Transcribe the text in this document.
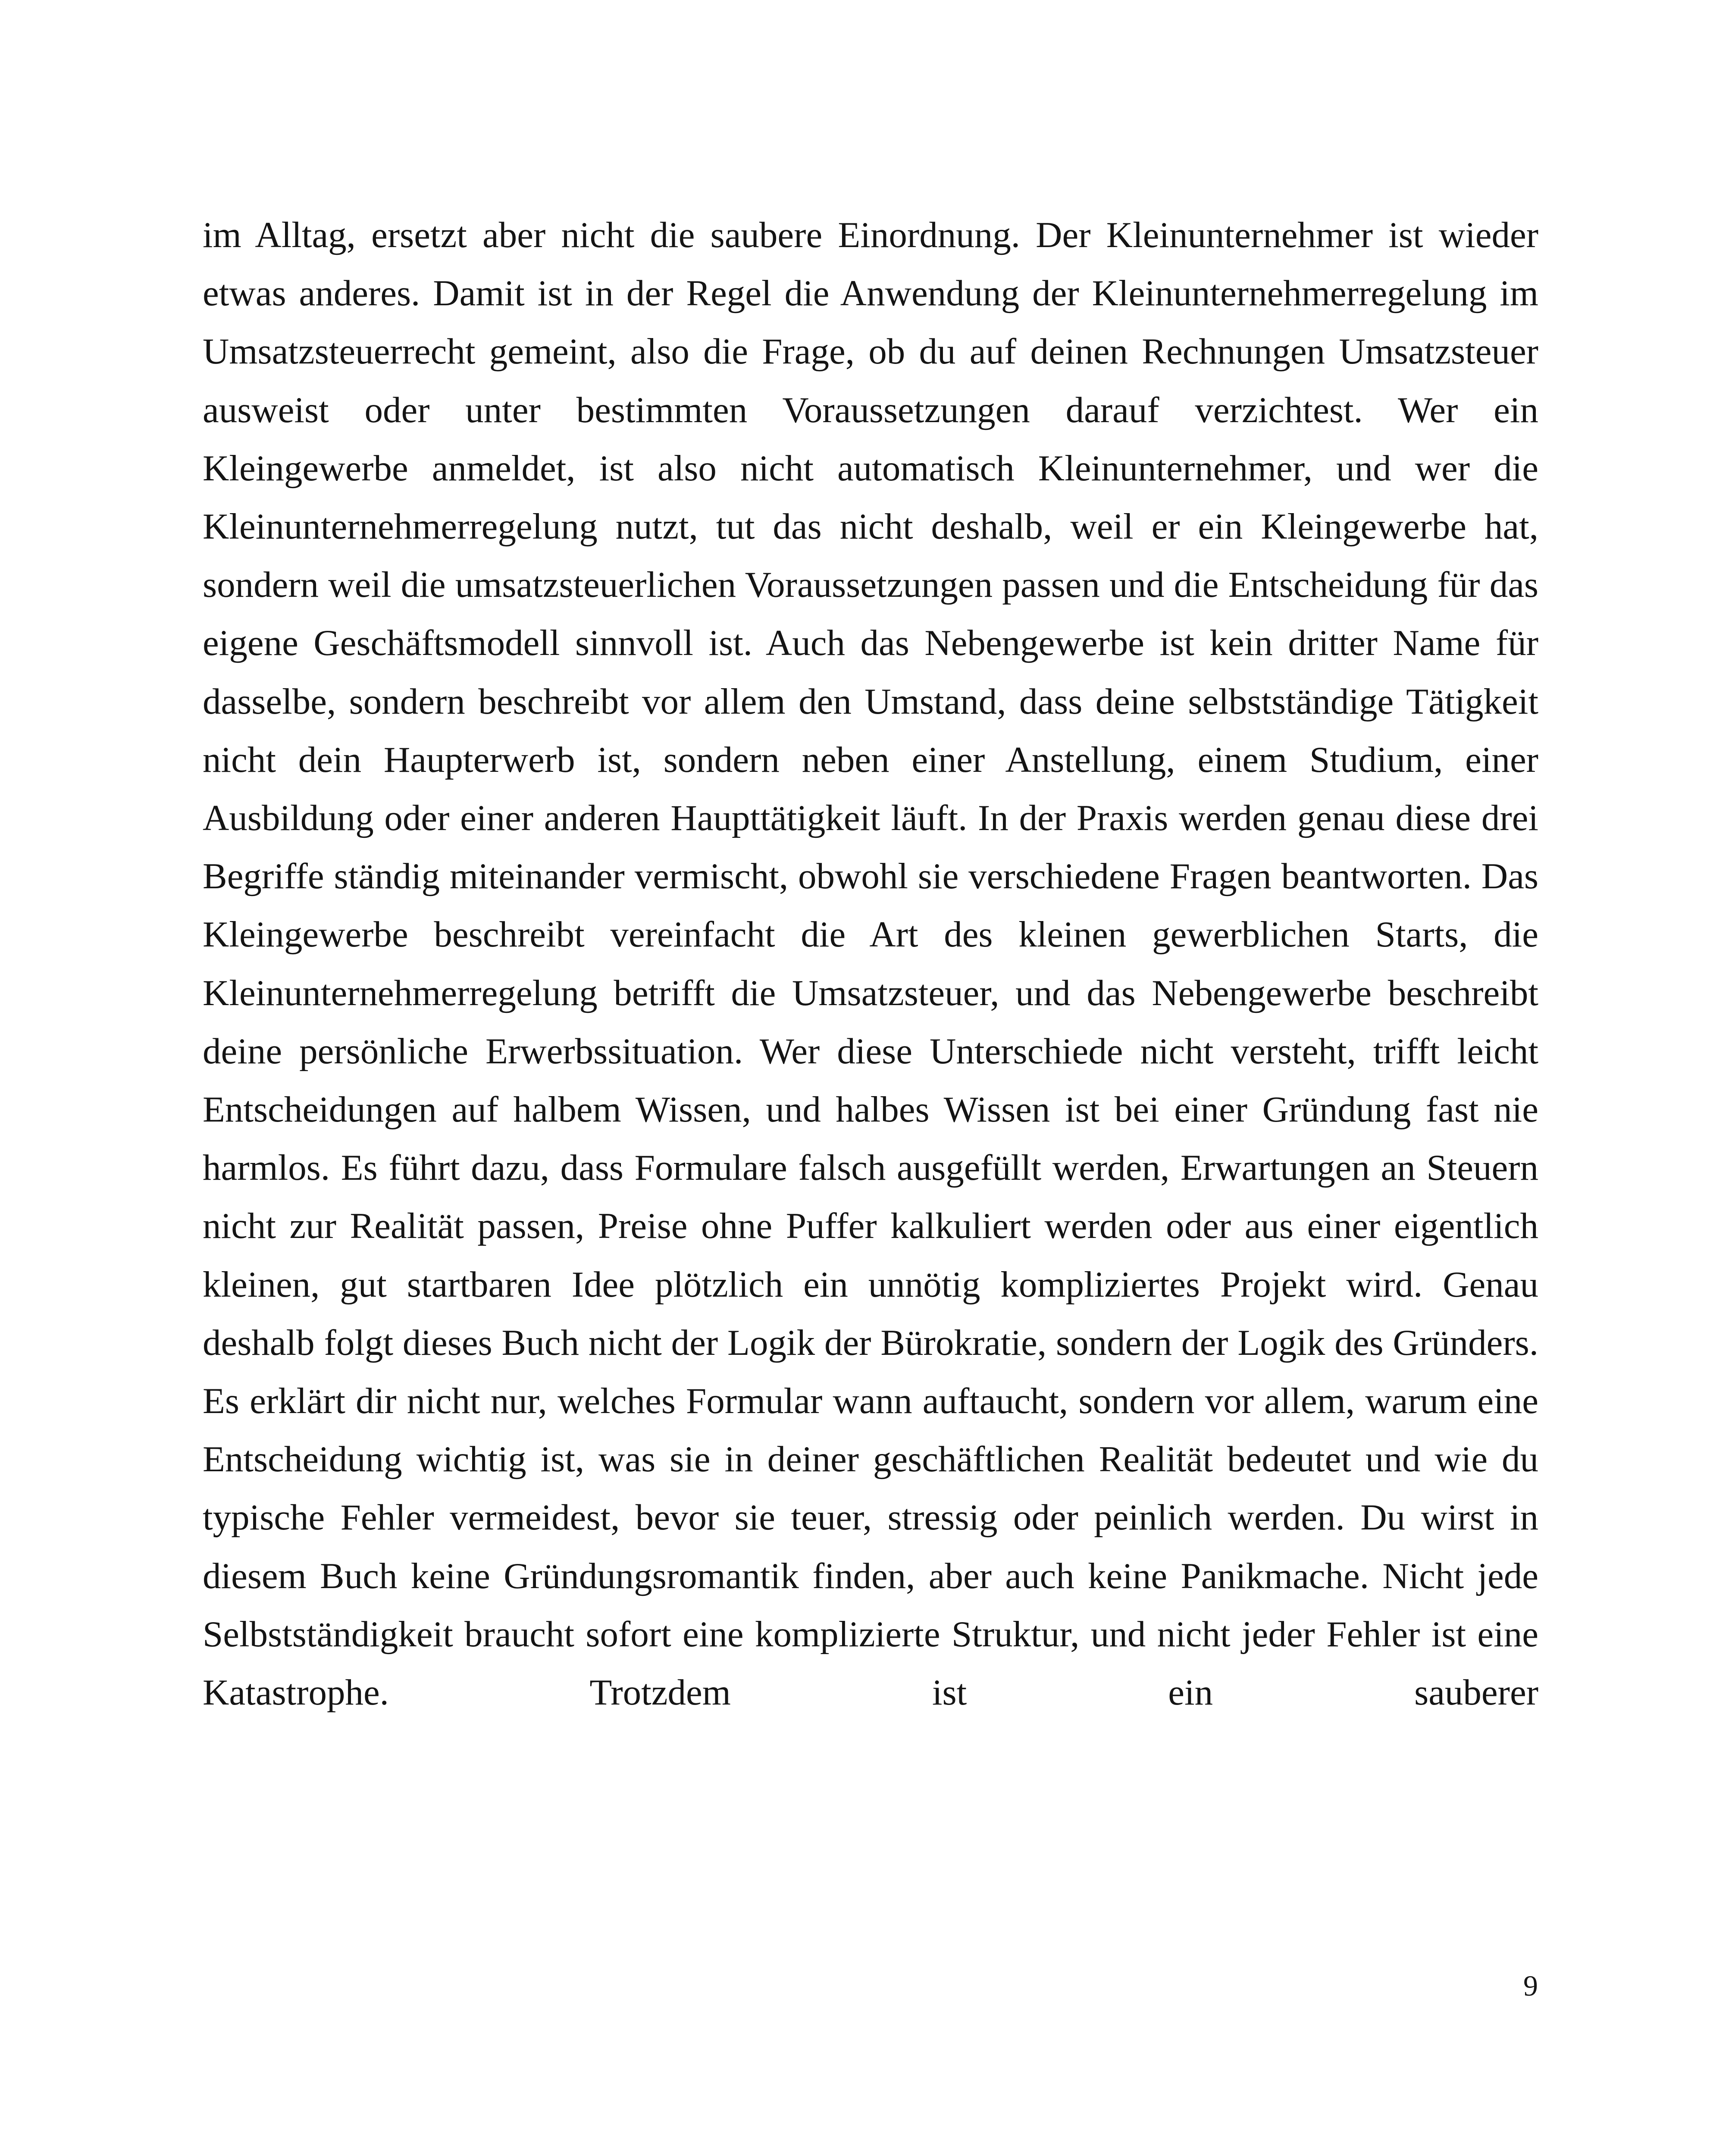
im Alltag, ersetzt aber nicht die saubere Einordnung. Der Kleinunternehmer ist wieder etwas anderes. Damit ist in der Regel die Anwendung der Kleinunternehmerregelung im Umsatzsteuerrecht gemeint, also die Frage, ob du auf deinen Rechnungen Umsatzsteuer ausweist oder unter bestimmten Voraussetzungen darauf verzichtest. Wer ein Kleingewerbe anmeldet, ist also nicht automatisch Kleinunternehmer, und wer die Kleinunternehmerregelung nutzt, tut das nicht deshalb, weil er ein Kleingewerbe hat, sondern weil die umsatzsteuerlichen Voraussetzungen passen und die Entscheidung für das eigene Geschäftsmodell sinnvoll ist. Auch das Nebengewerbe ist kein dritter Name für dasselbe, sondern beschreibt vor allem den Umstand, dass deine selbstständige Tätigkeit nicht dein Haupterwerb ist, sondern neben einer Anstellung, einem Studium, einer Ausbildung oder einer anderen Haupttätigkeit läuft. In der Praxis werden genau diese drei Begriffe ständig miteinander vermischt, obwohl sie verschiedene Fragen beantworten. Das Kleingewerbe beschreibt vereinfacht die Art des kleinen gewerblichen Starts, die Kleinunternehmerregelung betrifft die Umsatzsteuer, und das Nebengewerbe beschreibt deine persönliche Erwerbssituation. Wer diese Unterschiede nicht versteht, trifft leicht Entscheidungen auf halbem Wissen, und halbes Wissen ist bei einer Gründung fast nie harmlos. Es führt dazu, dass Formulare falsch ausgefüllt werden, Erwartungen an Steuern nicht zur Realität passen, Preise ohne Puffer kalkuliert werden oder aus einer eigentlich kleinen, gut startbaren Idee plötzlich ein unnötig kompliziertes Projekt wird. Genau deshalb folgt dieses Buch nicht der Logik der Bürokratie, sondern der Logik des Gründers. Es erklärt dir nicht nur, welches Formular wann auftaucht, sondern vor allem, warum eine Entscheidung wichtig ist, was sie in deiner geschäftlichen Realität bedeutet und wie du typische Fehler vermeidest, bevor sie teuer, stressig oder peinlich werden. Du wirst in diesem Buch keine Gründungsromantik finden, aber auch keine Panikmache. Nicht jede Selbstständigkeit braucht sofort eine komplizierte Struktur, und nicht jeder Fehler ist eine Katastrophe. Trotzdem ist ein sauberer

9
